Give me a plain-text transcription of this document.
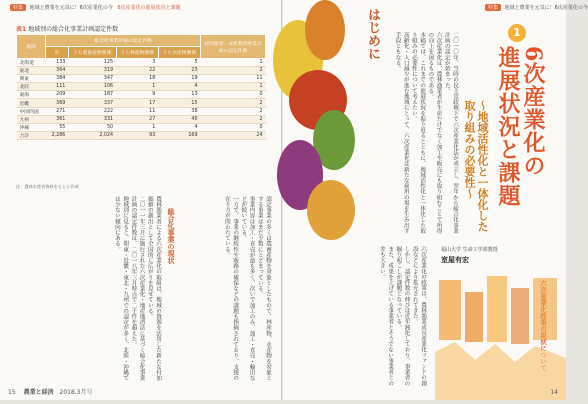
特集 地域と農業を元気に！6次産業化の今 6次産業化の進展状況と課題
表1 地域別の総合化事業計画認定件数
地域	総合化事業計画の認定件数				研究開発・成果利用事業計画の認定件数
	計	うち農畜産物関係	うち林産物関係	うち水産物関係	
北海道	133	125	3	5	1
東北	364	319	22	23	2
関東	384	347	18	19	11
北陸	111	106	1	4	1
東海	209	187	9	13	0
近畿	369	337	17	15	2
中国四国	271	222	11	38	2
九州	361	331	27	40	2
沖縄	55	50	1	4	0
合計	2,286	2,024	93	169	24
注：農林水産省資料をもとに作成

農林漁業者による六次産業化の取組は、地域の資源を活用した新たな付加価値の創出として全国的に広がりを見せている。

二〇一一年三月に施行された六次産業化・地産地消法に基づく総合化事業計画の認定件数は、二〇一八年三月時点で二千件を超えた。

地域別に見ると、関東・近畿・東北・九州での認定が多く、北陸・沖縄では少ない傾向にある。	総合化事業の現状	認定事業の多くは農畜産物を対象としたもので、林産物、水産物を対象とする事業はまだ少数にとどまっている。

事業内容は加工・直売が最も多く、次いで加工のみ、加工・直売・輸出などが続いている。

一方で、事業の継続性や販路の確保などの課題も指摘されており、支援の在り方が問われている。

15 農業と経済 2018.3月号
はじめに	特集 地域と農業を元気に！6次産業化の今
1
6次産業化の
進展状況と課題
〜地域活性化と一体化した
取り組みの必要性〜

二〇一〇年、当時の民主党政権下で六次産業化法が成立し、翌年から総合化事業計画の認定が始まった。

六次産業化は、農林漁業者が生産だけでなく加工や販売にも取り組むことで所得の向上を図るものである。

本稿では、これまでの進展状況を振り返るとともに、地域活性化と一体化した取り組みの必要性について考えたい。

高齢化・人口減少が進む地域にとって、六次産業化は新たな雇用の場を生み出す手段ともなる。

福山大学 生命工学部教授
室屋有宏

六次産業化の政策は、農林漁業成長産業化ファンドの創設などにより拡充されてきた。

しかし、認定件数の伸びは近年鈍化しており、事業者の掘り起こしが課題となっている。

また、成果を上げている事業者とそうでない事業者との差も大きい。

14
